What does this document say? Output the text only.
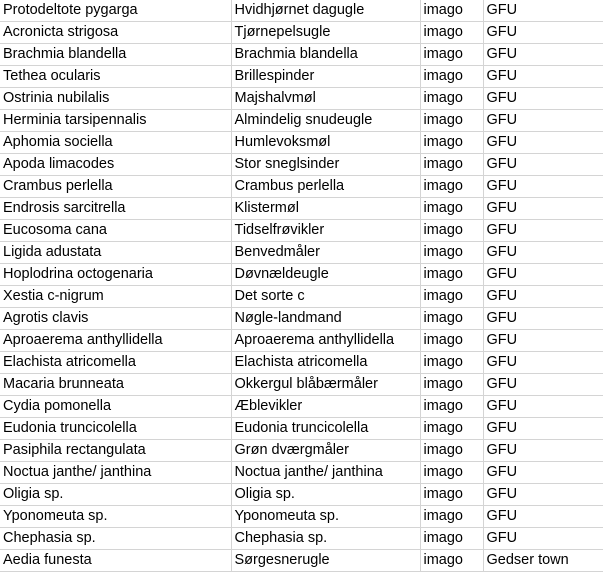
Protodeltote pygarga	Hvidhjørnet dagugle	imago	GFU
Acronicta strigosa	Tjørnepelsugle	imago	GFU
Brachmia blandella	Brachmia blandella	imago	GFU
Tethea ocularis	Brillespinder	imago	GFU
Ostrinia nubilalis	Majshalvmøl	imago	GFU
Herminia tarsipennalis	Almindelig snudeugle	imago	GFU
Aphomia sociella	Humlevoksmøl	imago	GFU
Apoda limacodes	Stor sneglsinder	imago	GFU
Crambus perlella	Crambus perlella	imago	GFU
Endrosis sarcitrella	Klistermøl	imago	GFU
Eucosoma cana	Tidselfrøvikler	imago	GFU
Ligida adustata	Benvedmåler	imago	GFU
Hoplodrina octogenaria	Døvnældeugle	imago	GFU
Xestia c-nigrum	Det sorte c	imago	GFU
Agrotis clavis	Nøgle-landmand	imago	GFU
Aproaerema anthyllidella	Aproaerema anthyllidella	imago	GFU
Elachista atricomella	Elachista atricomella	imago	GFU
Macaria brunneata	Okkergul blåbærmåler	imago	GFU
Cydia pomonella	Æblevikler	imago	GFU
Eudonia truncicolella	Eudonia truncicolella	imago	GFU
Pasiphila rectangulata	Grøn dværgmåler	imago	GFU
Noctua janthe/ janthina	Noctua janthe/ janthina	imago	GFU
Oligia sp.	Oligia sp.	imago	GFU
Yponomeuta sp.	Yponomeuta sp.	imago	GFU
Chephasia sp.	Chephasia sp.	imago	GFU
Aedia funesta	Sørgesnerugle	imago	Gedser town
